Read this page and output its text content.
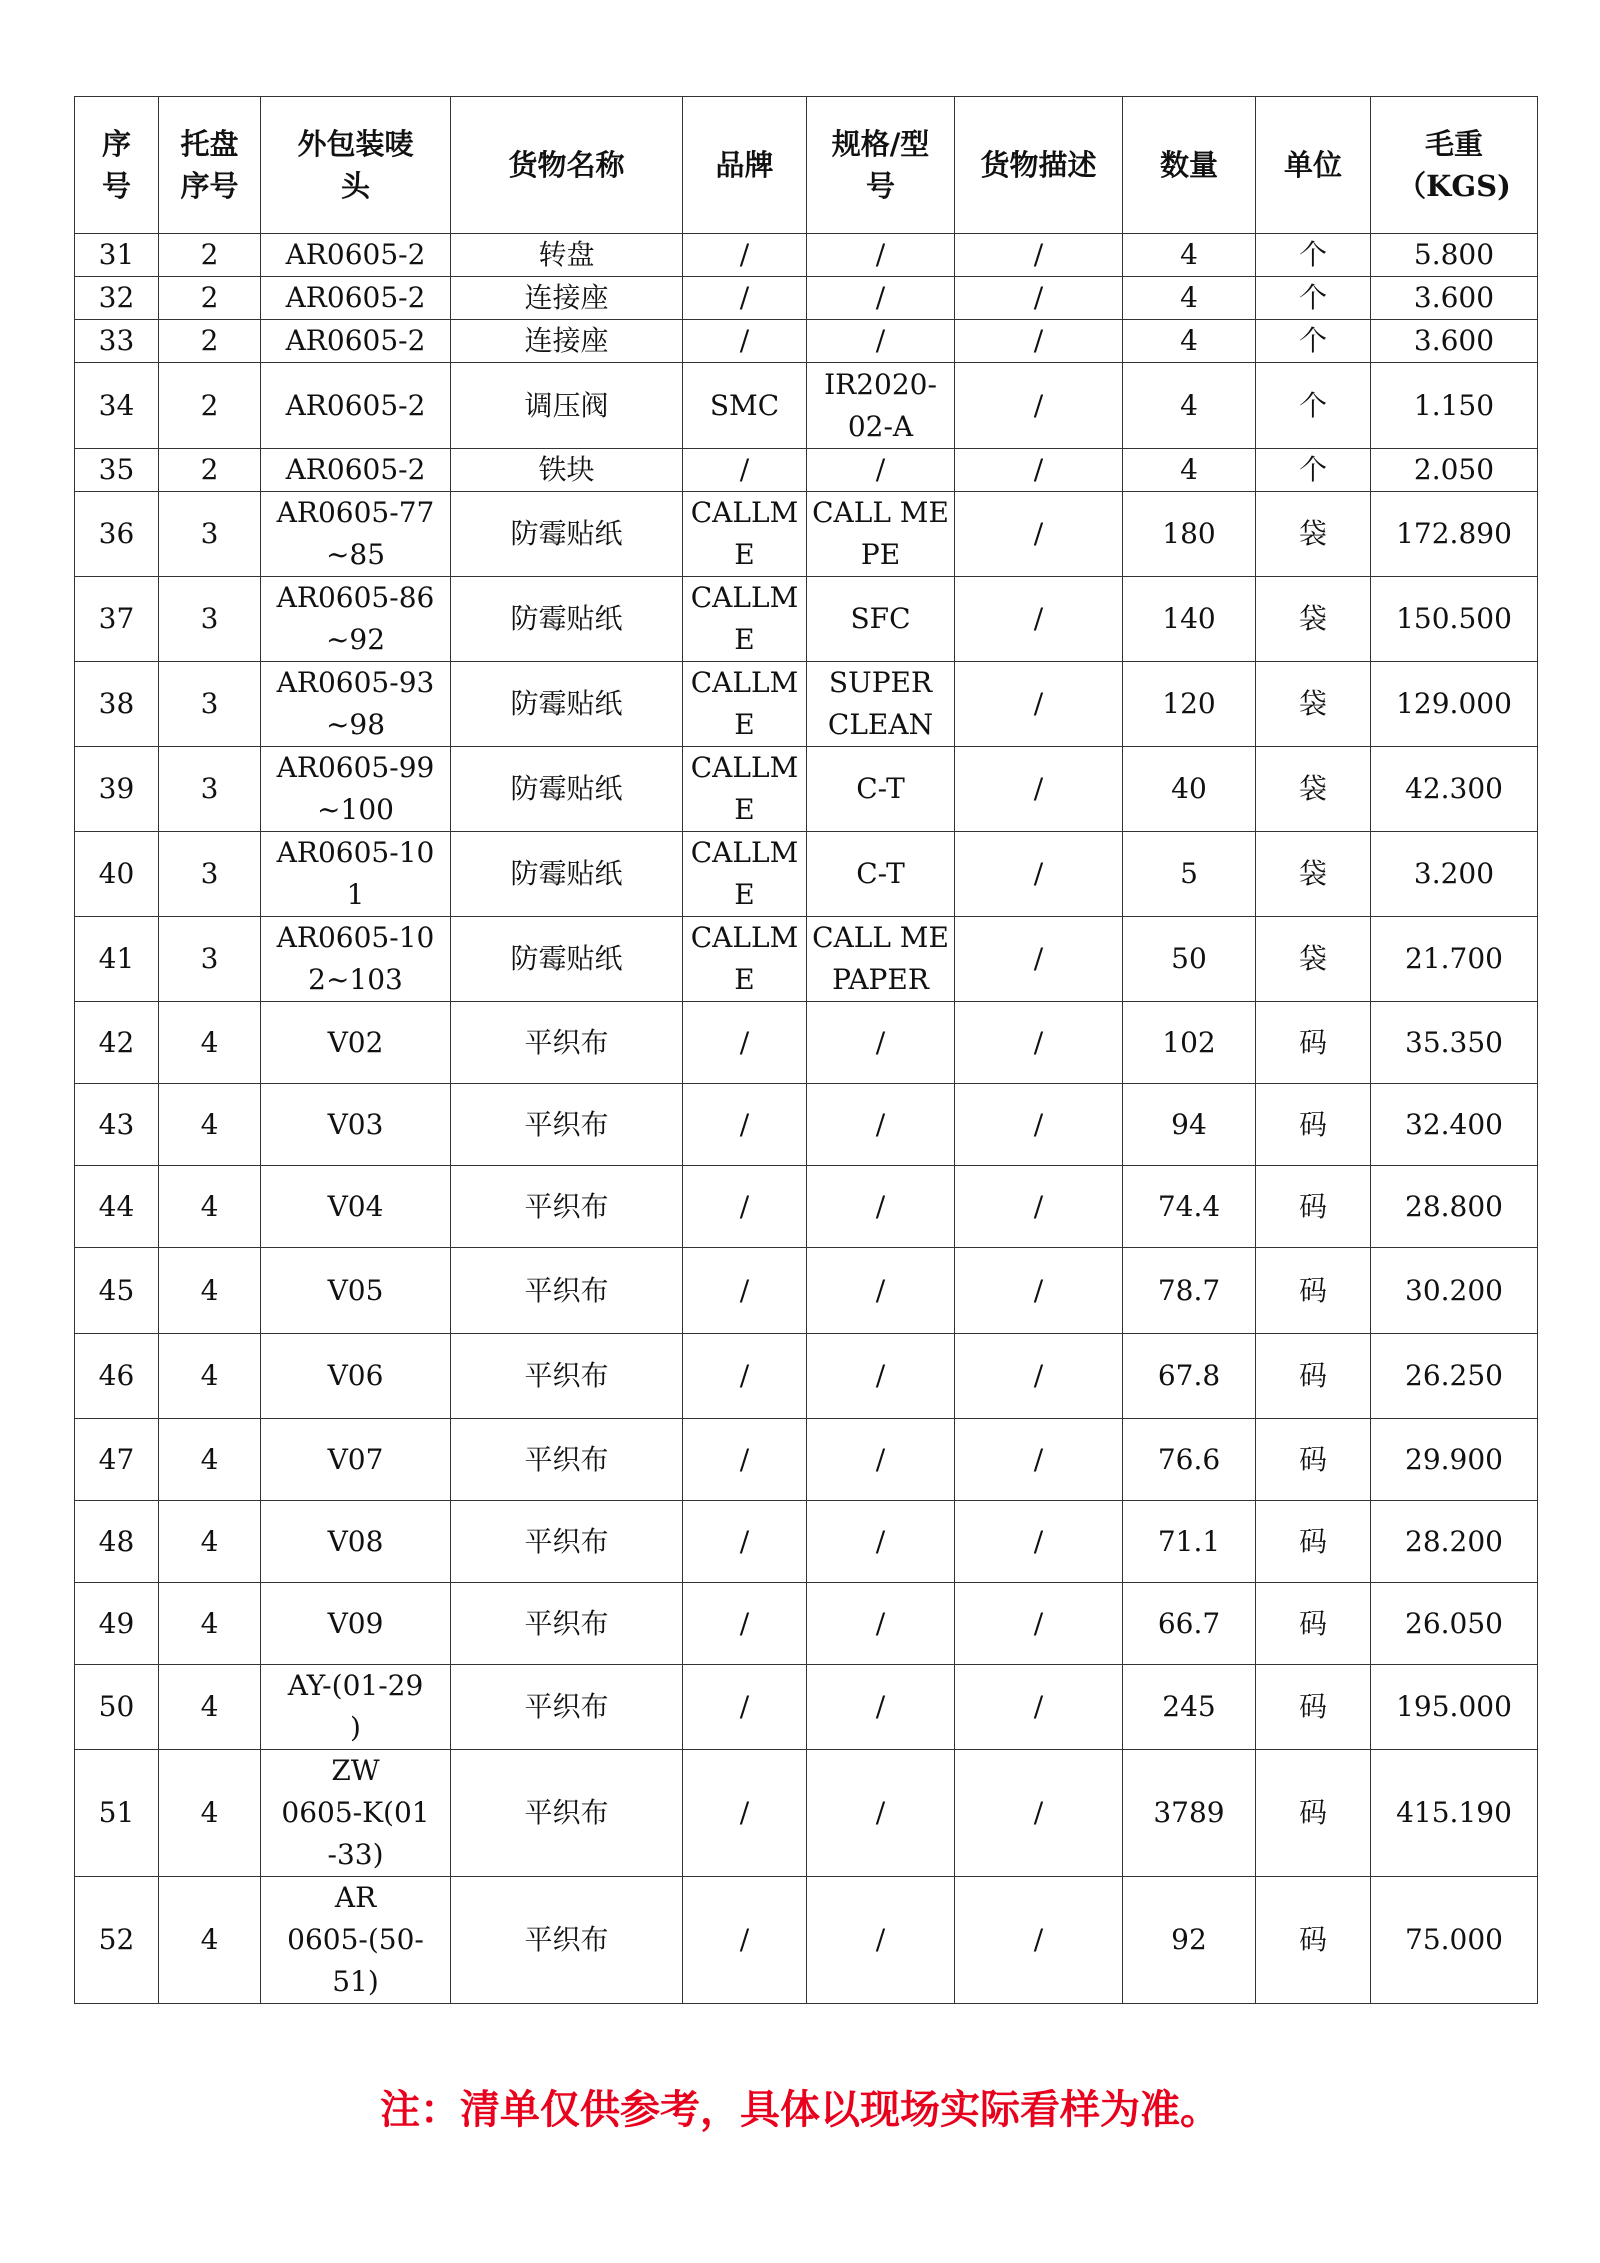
序
号	托盘
序号	外包装唛
头	货物名称	品牌	规格/型
号	货物描述	数量	单位	毛重
（KGS)
31	2	AR0605-2	转盘	/	/	/	4	个	5.800
32	2	AR0605-2	连接座	/	/	/	4	个	3.600
33	2	AR0605-2	连接座	/	/	/	4	个	3.600
34	2	AR0605-2	调压阀	SMC	IR2020-
02-A	/	4	个	1.150
35	2	AR0605-2	铁块	/	/	/	4	个	2.050
36	3	AR0605-77
~85	防霉贴纸	CALLM
E	CALL ME
PE	/	180	袋	172.890
37	3	AR0605-86
~92	防霉贴纸	CALLM
E	SFC	/	140	袋	150.500
38	3	AR0605-93
~98	防霉贴纸	CALLM
E	SUPER
CLEAN	/	120	袋	129.000
39	3	AR0605-99
~100	防霉贴纸	CALLM
E	C-T	/	40	袋	42.300
40	3	AR0605-10
1	防霉贴纸	CALLM
E	C-T	/	5	袋	3.200
41	3	AR0605-10
2~103	防霉贴纸	CALLM
E	CALL ME
PAPER	/	50	袋	21.700
42	4	V02	平织布	/	/	/	102	码	35.350
43	4	V03	平织布	/	/	/	94	码	32.400
44	4	V04	平织布	/	/	/	74.4	码	28.800
45	4	V05	平织布	/	/	/	78.7	码	30.200
46	4	V06	平织布	/	/	/	67.8	码	26.250
47	4	V07	平织布	/	/	/	76.6	码	29.900
48	4	V08	平织布	/	/	/	71.1	码	28.200
49	4	V09	平织布	/	/	/	66.7	码	26.050
50	4	AY-(01-29
)	平织布	/	/	/	245	码	195.000
51	4	ZW
0605-K(01
-33)	平织布	/	/	/	3789	码	415.190
52	4	AR
0605-(50-
51)	平织布	/	/	/	92	码	75.000
注：清单仅供参考，具体以现场实际看样为准。
